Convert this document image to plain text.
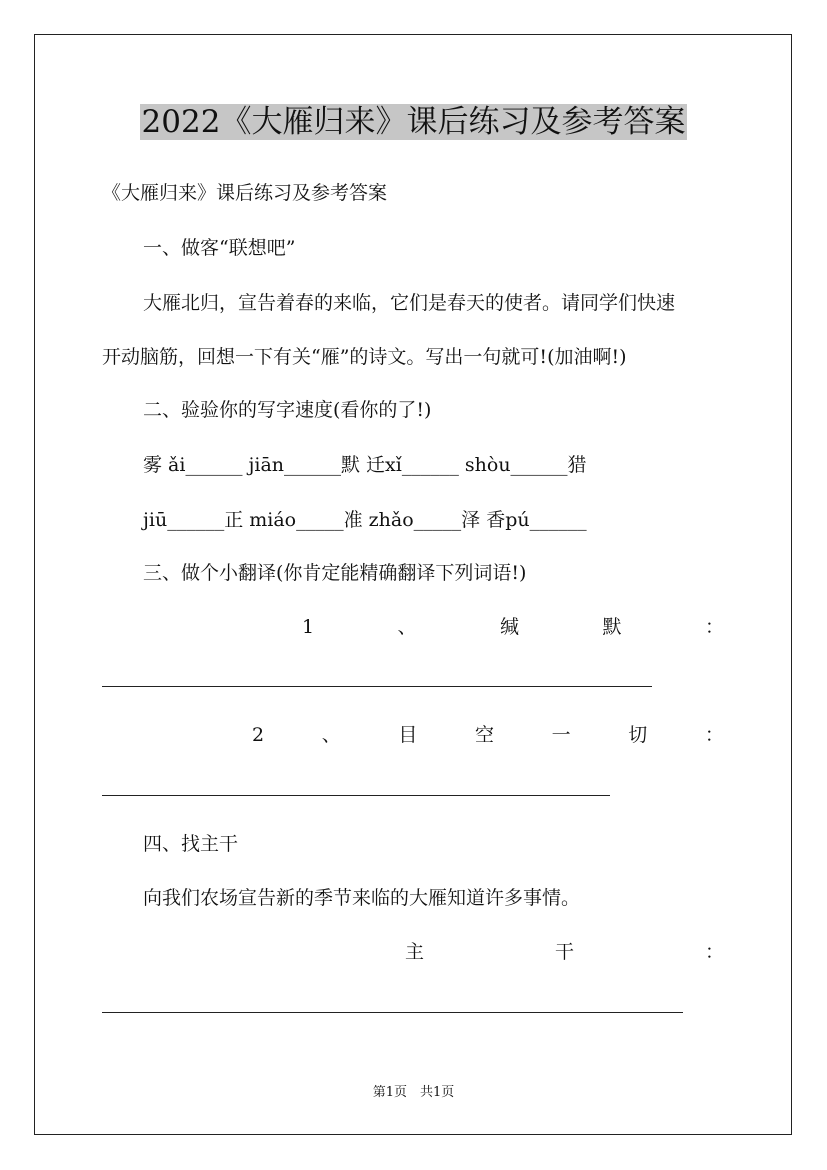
2022《大雁归来》课后练习及参考答案
《大雁归来》课后练习及参考答案
一、做客“联想吧”
大雁北归，宣告着春的来临，它们是春天的使者。请同学们快速
开动脑筋，回想一下有关“雁”的诗文。写出一句就可!(加油啊!)
二、验验你的写字速度(看你的了!)
雾 ǎi______ jiān______默 迁xǐ______ shòu______猎
jiū______正 miáo_____准 zhǎo_____泽 香pú______
三、做个小翻译(你肯定能精确翻译下列词语!)
1	、	缄	默	：
2	、	目	空	一	切	：
四、找主干
向我们农场宣告新的季节来临的大雁知道许多事情。
主	干	：
第1页　共1页
